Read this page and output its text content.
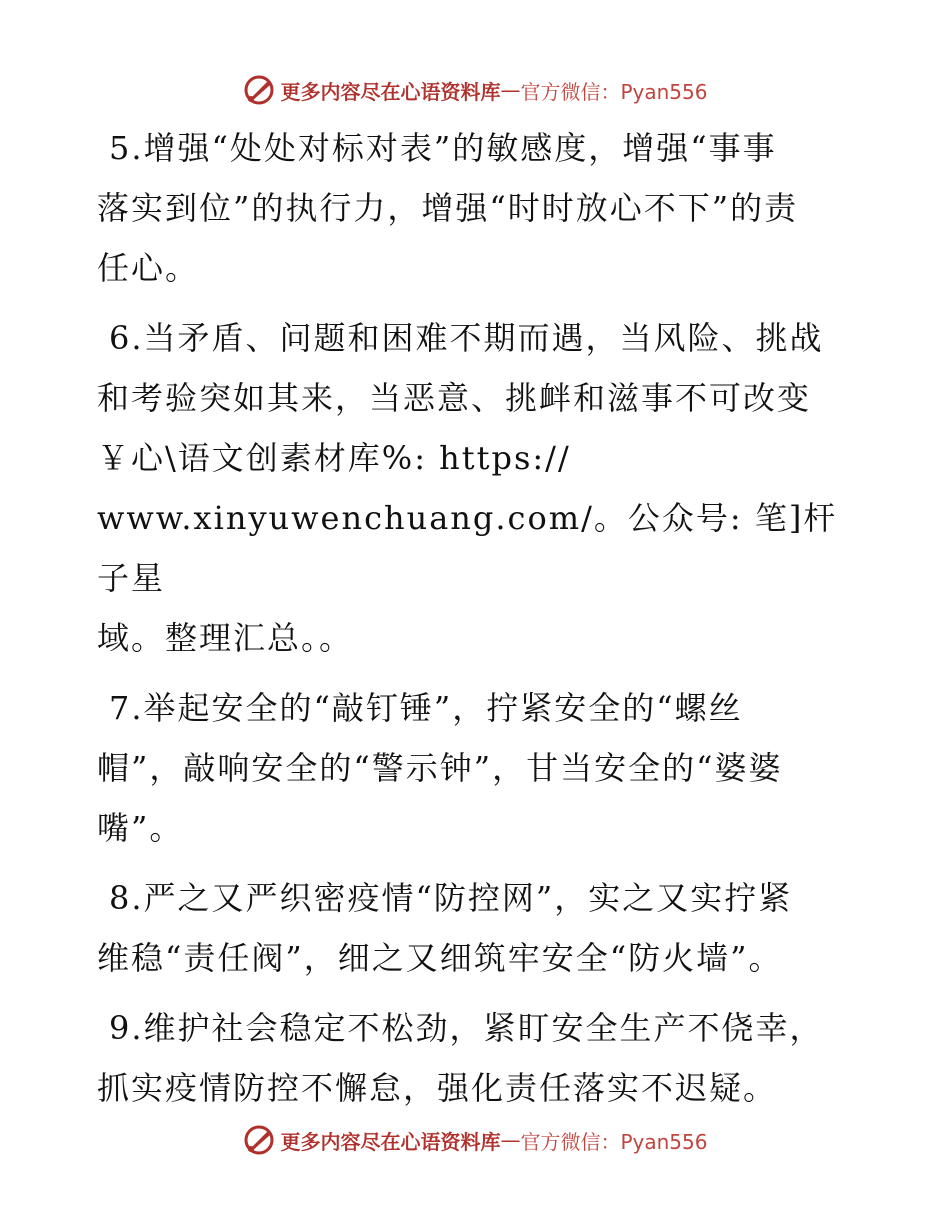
更多内容尽在心语资料库 — 官方微信：Pyan556

5.增强“处处对标对表”的敏感度，增强“事事
落实到位”的执行力，增强“时时放心不下”的责
任心。

6.当矛盾、问题和困难不期而遇，当风险、挑战
和考验突如其来，当恶意、挑衅和滋事不可改变
￥心\语文创素材库%: https://
www.xinyuwenchuang.com/。公众号: 笔]杆子星
域。整理汇总。。

7.举起安全的“敲钉锤”，拧紧安全的“螺丝
帽”，敲响安全的“警示钟”，甘当安全的“婆婆
嘴”。

8.严之又严织密疫情“防控网”，实之又实拧紧
维稳“责任阀”，细之又细筑牢安全“防火墙”。

9.维护社会稳定不松劲，紧盯安全生产不侥幸，
抓实疫情防控不懈怠，强化责任落实不迟疑。

更多内容尽在心语资料库 — 官方微信：Pyan556
